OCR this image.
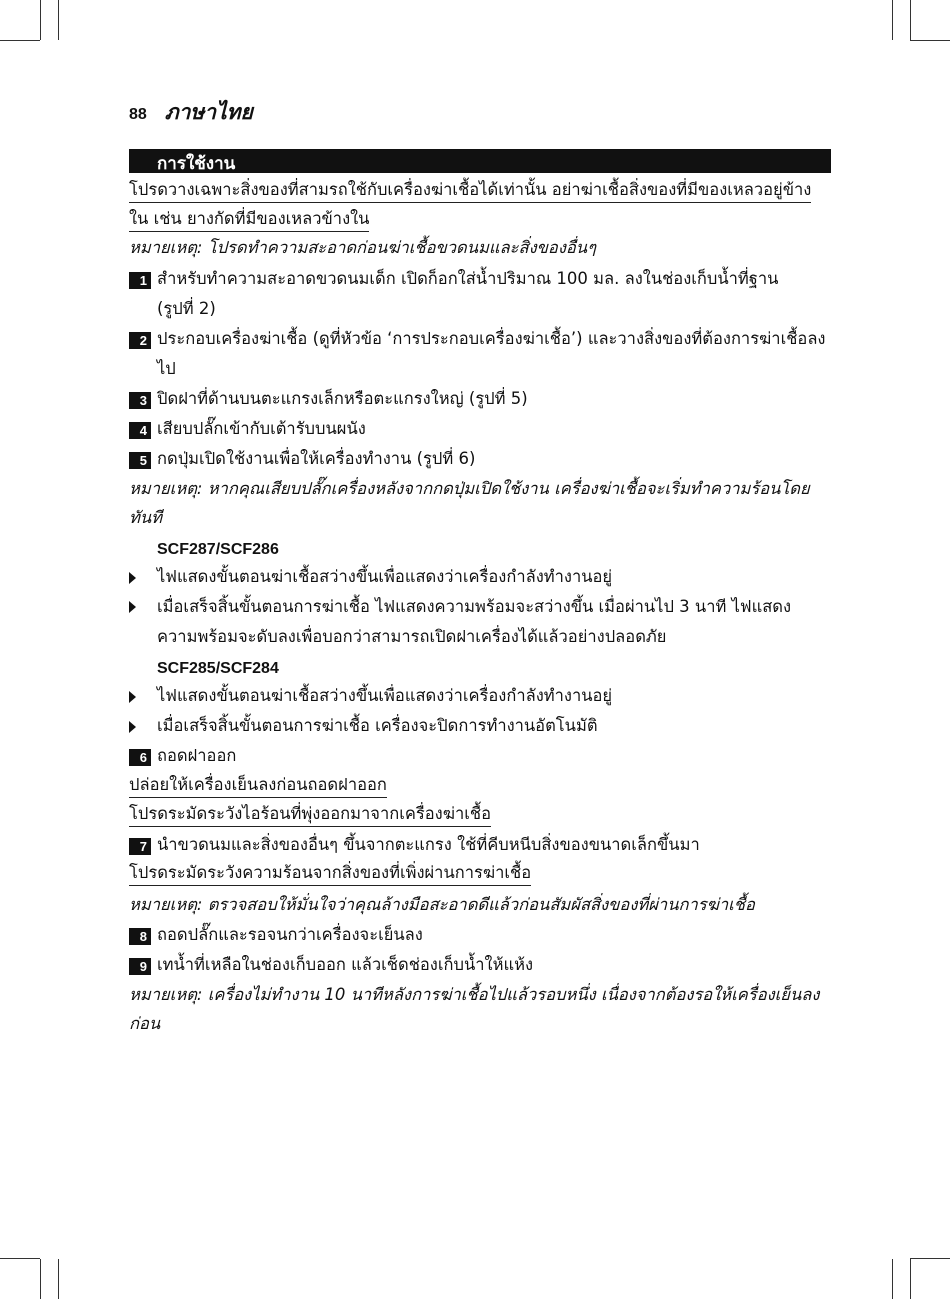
88 ภาษาไทย
การใช้งาน
โปรดวางเฉพาะสิ่งของที่สามรถใช้กับเครื่องฆ่าเชื้อได้เท่านั้น อย่าฆ่าเชื้อสิ่งของที่มีของเหลวอยู่ข้าง
ใน เช่น ยางกัดที่มีของเหลวข้างใน
หมายเหตุ: โปรดทำความสะอาดก่อนฆ่าเชื้อขวดนมและสิ่งของอื่นๆ
1 สำหรับทำความสะอาดขวดนมเด็ก เปิดก็อกใส่น้ำปริมาณ 100 มล. ลงในช่องเก็บน้ำที่ฐาน
(รูปที่ 2)
2 ประกอบเครื่องฆ่าเชื้อ (ดูที่หัวข้อ ‘การประกอบเครื่องฆ่าเชื้อ’) และวางสิ่งของที่ต้องการฆ่าเชื้อลง
ไป
3 ปิดฝาที่ด้านบนตะแกรงเล็กหรือตะแกรงใหญ่ (รูปที่ 5)
4 เสียบปลั๊กเข้ากับเต้ารับบนผนัง
5 กดปุ่มเปิดใช้งานเพื่อให้เครื่องทำงาน (รูปที่ 6)
หมายเหตุ: หากคุณเสียบปลั๊กเครื่องหลังจากกดปุ่มเปิดใช้งาน เครื่องฆ่าเชื้อจะเริ่มทำความร้อนโดย
ทันที
SCF287/SCF286
ไฟแสดงขั้นตอนฆ่าเชื้อสว่างขึ้นเพื่อแสดงว่าเครื่องกำลังทำงานอยู่
เมื่อเสร็จสิ้นขั้นตอนการฆ่าเชื้อ ไฟแสดงความพร้อมจะสว่างขึ้น เมื่อผ่านไป 3 นาที ไฟแสดง
ความพร้อมจะดับลงเพื่อบอกว่าสามารถเปิดฝาเครื่องได้แล้วอย่างปลอดภัย
SCF285/SCF284
ไฟแสดงขั้นตอนฆ่าเชื้อสว่างขึ้นเพื่อแสดงว่าเครื่องกำลังทำงานอยู่
เมื่อเสร็จสิ้นขั้นตอนการฆ่าเชื้อ เครื่องจะปิดการทำงานอัตโนมัติ
6 ถอดฝาออก
ปล่อยให้เครื่องเย็นลงก่อนถอดฝาออก
โปรดระมัดระวังไอร้อนที่พุ่งออกมาจากเครื่องฆ่าเชื้อ
7 นำขวดนมและสิ่งของอื่นๆ ขึ้นจากตะแกรง ใช้ที่คีบหนีบสิ่งของขนาดเล็กขึ้นมา
โปรดระมัดระวังความร้อนจากสิ่งของที่เพิ่งผ่านการฆ่าเชื้อ
หมายเหตุ: ตรวจสอบให้มั่นใจว่าคุณล้างมือสะอาดดีแล้วก่อนสัมผัสสิ่งของที่ผ่านการฆ่าเชื้อ
8 ถอดปลั๊กและรอจนกว่าเครื่องจะเย็นลง
9 เทน้ำที่เหลือในช่องเก็บออก แล้วเช็ดช่องเก็บน้ำให้แห้ง
หมายเหตุ: เครื่องไม่ทำงาน 10 นาทีหลังการฆ่าเชื้อไปแล้วรอบหนึ่ง เนื่องจากต้องรอให้เครื่องเย็นลง
ก่อน
